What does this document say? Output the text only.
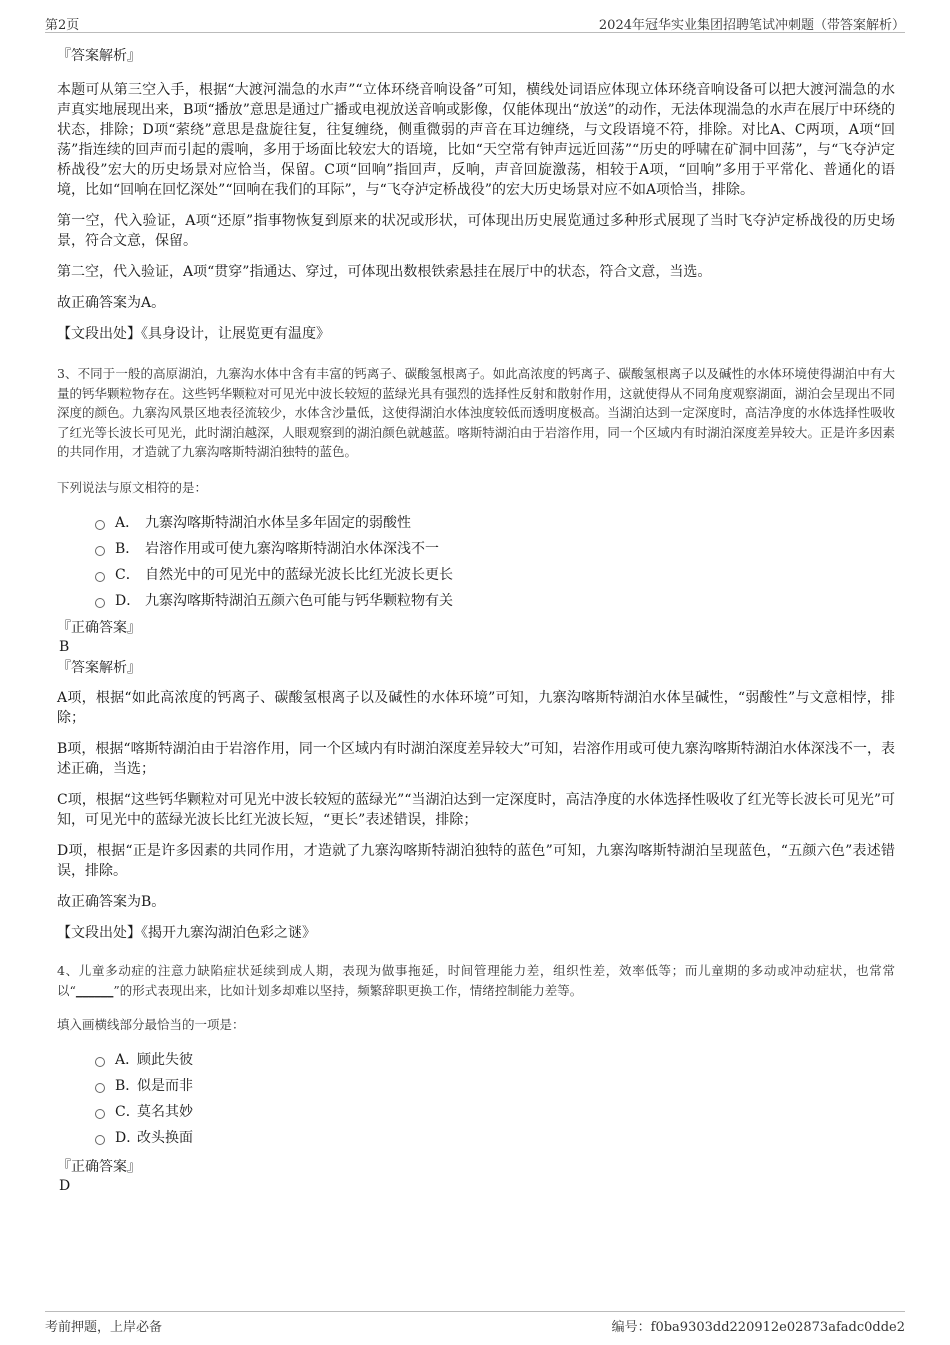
第2页	2024年冠华实业集团招聘笔试冲刺题（带答案解析）
『答案解析』
本题可从第三空入手，根据“大渡河湍急的水声”“立体环绕音响设备”可知，横线处词语应体现立体环绕音响设备可以把大渡河湍急的水声真实地展现出来，B项“播放”意思是通过广播或电视放送音响或影像，仅能体现出“放送”的动作，无法体现湍急的水声在展厅中环绕的状态，排除；D项“萦绕”意思是盘旋往复，往复缠绕，侧重微弱的声音在耳边缠绕，与文段语境不符，排除。对比A、C两项，A项“回荡”指连续的回声而引起的震响，多用于场面比较宏大的语境，比如“天空常有钟声远近回荡”“历史的呼啸在矿洞中回荡”，与“飞夺泸定桥战役”宏大的历史场景对应恰当，保留。C项“回响”指回声，反响，声音回旋激荡，相较于A项，“回响”多用于平常化、普通化的语境，比如“回响在回忆深处”“回响在我们的耳际”，与“飞夺泸定桥战役”的宏大历史场景对应不如A项恰当，排除。
第一空，代入验证，A项“还原”指事物恢复到原来的状况或形状，可体现出历史展览通过多种形式展现了当时飞夺泸定桥战役的历史场景，符合文意，保留。
第二空，代入验证，A项“贯穿”指通达、穿过，可体现出数根铁索悬挂在展厅中的状态，符合文意，当选。
故正确答案为A。
【文段出处】《具身设计，让展览更有温度》
3、不同于一般的高原湖泊，九寨沟水体中含有丰富的钙离子、碳酸氢根离子。如此高浓度的钙离子、碳酸氢根离子以及碱性的水体环境使得湖泊中有大量的钙华颗粒物存在。这些钙华颗粒对可见光中波长较短的蓝绿光具有强烈的选择性反射和散射作用，这就使得从不同角度观察湖面，湖泊会呈现出不同深度的颜色。九寨沟风景区地表径流较少，水体含沙量低，这使得湖泊水体浊度较低而透明度极高。当湖泊达到一定深度时，高洁净度的水体选择性吸收了红光等长波长可见光，此时湖泊越深，人眼观察到的湖泊颜色就越蓝。喀斯特湖泊由于岩溶作用，同一个区域内有时湖泊深度差异较大。正是许多因素的共同作用，才造就了九寨沟喀斯特湖泊独特的蓝色。
下列说法与原文相符的是：
A． 九寨沟喀斯特湖泊水体呈多年固定的弱酸性
B． 岩溶作用或可使九寨沟喀斯特湖泊水体深浅不一
C． 自然光中的可见光中的蓝绿光波长比红光波长更长
D． 九寨沟喀斯特湖泊五颜六色可能与钙华颗粒物有关
『正确答案』
B
『答案解析』
A项，根据“如此高浓度的钙离子、碳酸氢根离子以及碱性的水体环境”可知，九寨沟喀斯特湖泊水体呈碱性，“弱酸性”与文意相悖，排除；
B项，根据“喀斯特湖泊由于岩溶作用，同一个区域内有时湖泊深度差异较大”可知，岩溶作用或可使九寨沟喀斯特湖泊水体深浅不一，表述正确，当选；
C项，根据“这些钙华颗粒对可见光中波长较短的蓝绿光”“当湖泊达到一定深度时，高洁净度的水体选择性吸收了红光等长波长可见光”可知，可见光中的蓝绿光波长比红光波长短，“更长”表述错误，排除；
D项，根据“正是许多因素的共同作用，才造就了九寨沟喀斯特湖泊独特的蓝色”可知，九寨沟喀斯特湖泊呈现蓝色，“五颜六色”表述错误，排除。
故正确答案为B。
【文段出处】《揭开九寨沟湖泊色彩之谜》
4、儿童多动症的注意力缺陷症状延续到成人期，表现为做事拖延，时间管理能力差，组织性差，效率低等；而儿童期的多动或冲动症状，也常常以“______”的形式表现出来，比如计划多却难以坚持，频繁辞职更换工作，情绪控制能力差等。
填入画横线部分最恰当的一项是：
A．顾此失彼
B．似是而非
C．莫名其妙
D．改头换面
『正确答案』
D
考前押题，上岸必备	编号：f0ba9303dd220912e02873afadc0dde2
